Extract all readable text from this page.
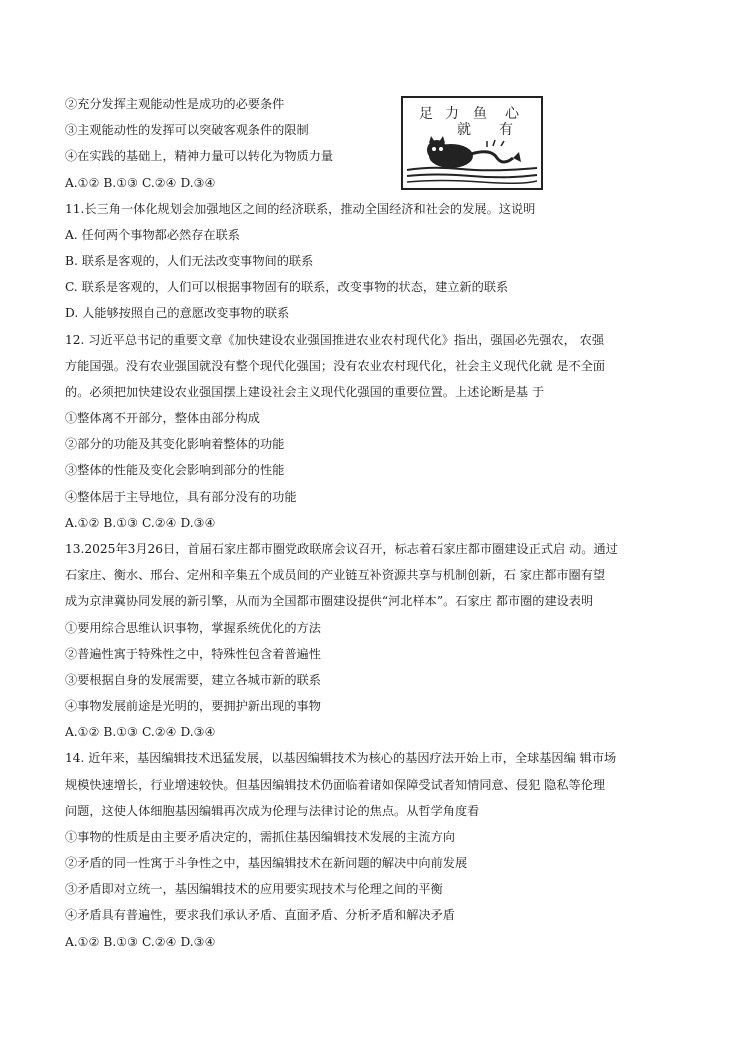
足 力 鱼 心
就 有
②充分发挥主观能动性是成功的必要条件
③主观能动性的发挥可以突破客观条件的限制
④在实践的基础上，精神力量可以转化为物质力量
A.①② B.①③ C.②④ D.③④
11.长三角一体化规划会加强地区之间的经济联系，推动全国经济和社会的发展。这说明
A. 任何两个事物都必然存在联系
B. 联系是客观的，人们无法改变事物间的联系
C. 联系是客观的，人们可以根据事物固有的联系，改变事物的状态，建立新的联系
D. 人能够按照自己的意愿改变事物的联系
12. 习近平总书记的重要文章《加快建设农业强国推进农业农村现代化》指出，强国必先强农， 农强
方能国强。没有农业强国就没有整个现代化强国；没有农业农村现代化，社会主义现代化就 是不全面
的。必须把加快建设农业强国摆上建设社会主义现代化强国的重要位置。上述论断是基 于
①整体离不开部分，整体由部分构成
②部分的功能及其变化影响着整体的功能
③整体的性能及变化会影响到部分的性能
④整体居于主导地位，具有部分没有的功能
A.①② B.①③ C.②④ D.③④
13.2025年3月26日，首届石家庄都市圈党政联席会议召开，标志着石家庄都市圈建设正式启 动。通过
石家庄、衡水、邢台、定州和辛集五个成员间的产业链互补资源共享与机制创新，石 家庄都市圈有望
成为京津冀协同发展的新引擎，从而为全国都市圈建设提供“河北样本”。石家庄 都市圈的建设表明
①要用综合思维认识事物，掌握系统优化的方法
②普遍性寓于特殊性之中，特殊性包含着普遍性
③要根据自身的发展需要，建立各城市新的联系
④事物发展前途是光明的，要拥护新出现的事物
A.①② B.①③ C.②④ D.③④
14. 近年来，基因编辑技术迅猛发展，以基因编辑技术为核心的基因疗法开始上市，全球基因编 辑市场
规模快速增长，行业增速较快。但基因编辑技术仍面临着诸如保障受试者知情同意、侵犯 隐私等伦理
问题，这使人体细胞基因编辑再次成为伦理与法律讨论的焦点。从哲学角度看
①事物的性质是由主要矛盾决定的，需抓住基因编辑技术发展的主流方向
②矛盾的同一性寓于斗争性之中，基因编辑技术在新问题的解决中向前发展
③矛盾即对立统一，基因编辑技术的应用要实现技术与伦理之间的平衡
④矛盾具有普遍性，要求我们承认矛盾、直面矛盾、分析矛盾和解决矛盾
A.①② B.①③ C.②④ D.③④
